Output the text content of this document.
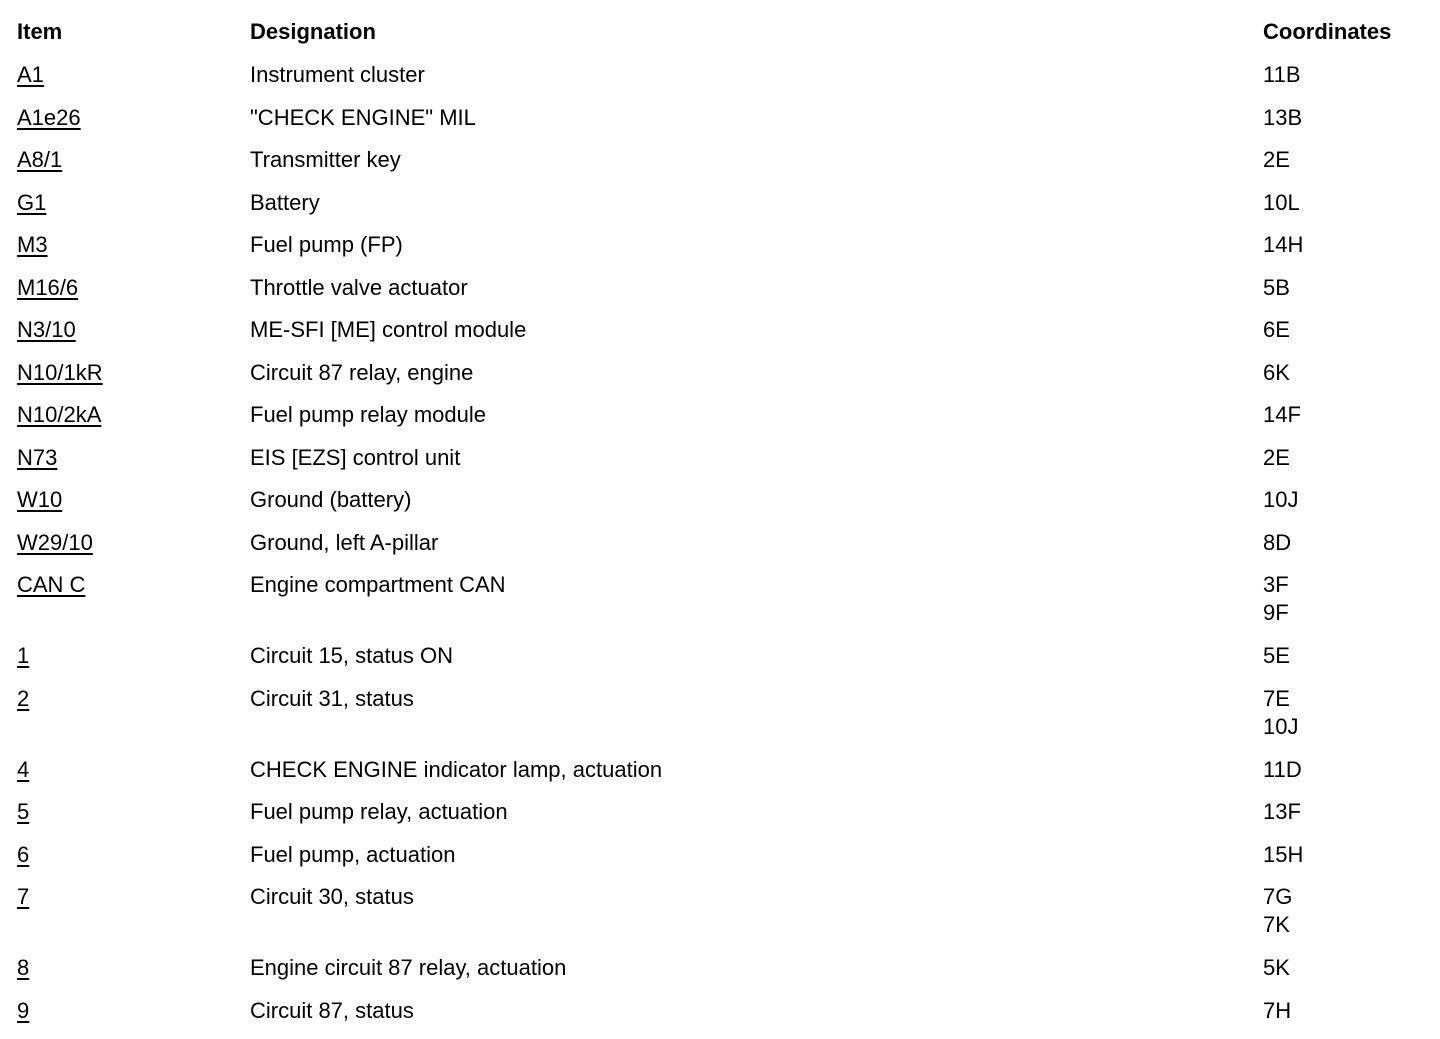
Item	Designation	Coordinates
A1	Instrument cluster	11B

A1e26	"CHECK ENGINE" MIL	13B

A8/1	Transmitter key	2E

G1	Battery	10L

M3	Fuel pump (FP)	14H

M16/6	Throttle valve actuator	5B

N3/10	ME-SFI [ME] control module	6E

N10/1kR	Circuit 87 relay, engine	6K

N10/2kA	Fuel pump relay module	14F

N73	EIS [EZS] control unit	2E

W10	Ground (battery)	10J

W29/10	Ground, left A-pillar	8D

CAN C	Engine compartment CAN	3F
9F

1	Circuit 15, status ON	5E

2	Circuit 31, status	7E
10J

4	CHECK ENGINE indicator lamp, actuation	11D

5	Fuel pump relay, actuation	13F

6	Fuel pump, actuation	15H

7	Circuit 30, status	7G
7K

8	Engine circuit 87 relay, actuation	5K

9	Circuit 87, status	7H
